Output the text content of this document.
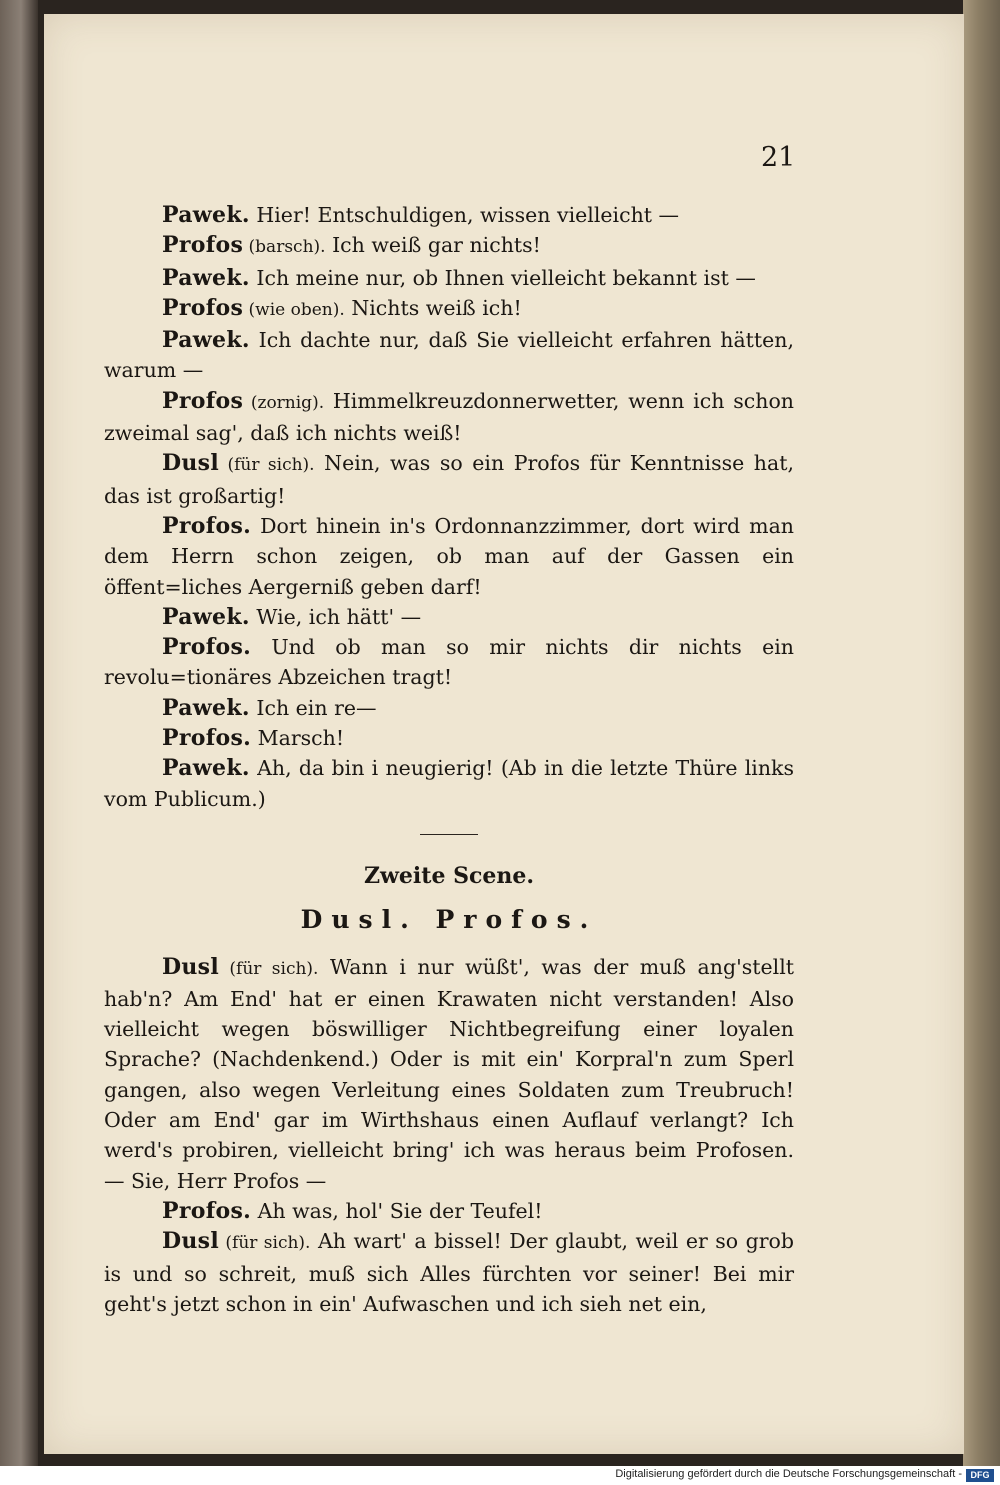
21

Pawek. Hier! Entschuldigen, wissen vielleicht —

Profos (barsch). Ich weiß gar nichts!

Pawek. Ich meine nur, ob Ihnen vielleicht bekannt ist —

Profos (wie oben). Nichts weiß ich!

Pawek. Ich dachte nur, daß Sie vielleicht erfahren hätten, warum —

Profos (zornig). Himmelkreuzdonnerwetter, wenn ich schon zweimal sag', daß ich nichts weiß!

Dusl (für sich). Nein, was so ein Profos für Kenntnisse hat, das ist großartig!

Profos. Dort hinein in's Ordonnanzzimmer, dort wird man dem Herrn schon zeigen, ob man auf der Gassen ein öffent=liches Aergerniß geben darf!

Pawek. Wie, ich hätt' —

Profos. Und ob man so mir nichts dir nichts ein revolu=tionäres Abzeichen tragt!

Pawek. Ich ein re—

Profos. Marsch!

Pawek. Ah, da bin i neugierig! (Ab in die letzte Thüre links vom Publicum.)

Zweite Scene.
Dusl. Profos.

Dusl (für sich). Wann i nur wüßt', was der muß ang'stellt hab'n? Am End' hat er einen Krawaten nicht verstanden! Also vielleicht wegen böswilliger Nichtbegreifung einer loyalen Sprache? (Nachdenkend.) Oder is mit ein' Korpral'n zum Sperl gangen, also wegen Verleitung eines Soldaten zum Treubruch! Oder am End' gar im Wirthshaus einen Auflauf verlangt? Ich werd's probiren, vielleicht bring' ich was heraus beim Profosen. — Sie, Herr Profos —

Profos. Ah was, hol' Sie der Teufel!

Dusl (für sich). Ah wart' a bissel! Der glaubt, weil er so grob is und so schreit, muß sich Alles fürchten vor seiner! Bei mir geht's jetzt schon in ein' Aufwaschen und ich sieh net ein,

Digitalisierung gefördert durch die Deutsche Forschungsgemeinschaft - DFG
